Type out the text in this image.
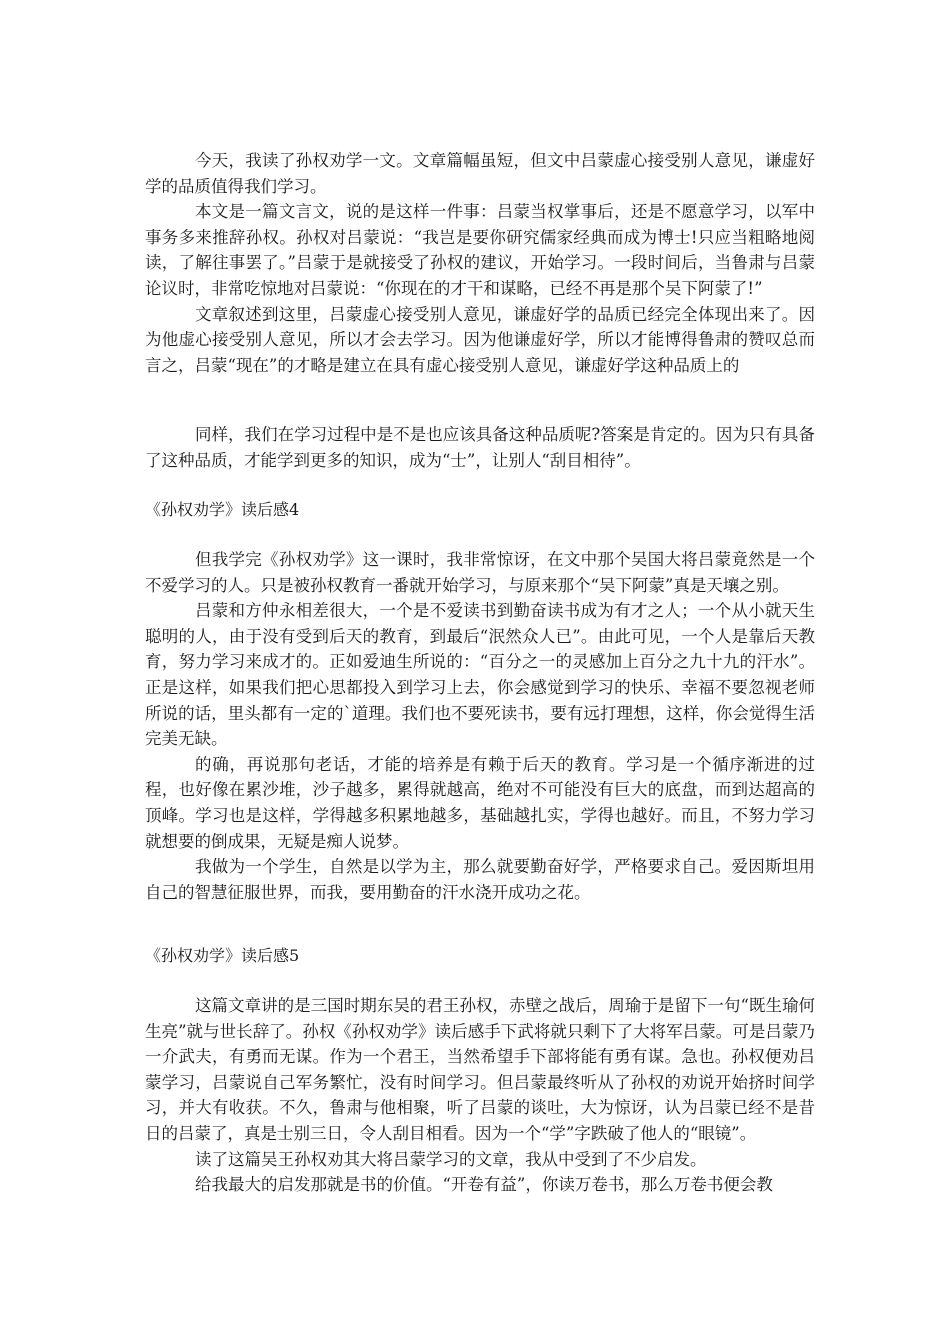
今天，我读了孙权劝学一文。文章篇幅虽短，但文中吕蒙虚心接受别人意见，谦虚好学的品质值得我们学习。

本文是一篇文言文，说的是这样一件事：吕蒙当权掌事后，还是不愿意学习，以军中事务多来推辞孙权。孙权对吕蒙说：“我岂是要你研究儒家经典而成为博士!只应当粗略地阅读，了解往事罢了。”吕蒙于是就接受了孙权的建议，开始学习。一段时间后，当鲁肃与吕蒙论议时，非常吃惊地对吕蒙说：“你现在的才干和谋略，已经不再是那个吴下阿蒙了!”

文章叙述到这里，吕蒙虚心接受别人意见，谦虚好学的品质已经完全体现出来了。因为他虚心接受别人意见，所以才会去学习。因为他谦虚好学，所以才能博得鲁肃的赞叹总而言之，吕蒙“现在”的才略是建立在具有虚心接受别人意见，谦虚好学这种品质上的

同样，我们在学习过程中是不是也应该具备这种品质呢?答案是肯定的。因为只有具备了这种品质，才能学到更多的知识，成为“士”，让别人“刮目相待”。

《孙权劝学》读后感4

但我学完《孙权劝学》这一课时，我非常惊讶，在文中那个吴国大将吕蒙竟然是一个不爱学习的人。只是被孙权教育一番就开始学习，与原来那个“吴下阿蒙”真是天壤之别。

吕蒙和方仲永相差很大，一个是不爱读书到勤奋读书成为有才之人；一个从小就天生聪明的人，由于没有受到后天的教育，到最后“泯然众人已”。由此可见，一个人是靠后天教育，努力学习来成才的。正如爱迪生所说的：“百分之一的灵感加上百分之九十九的汗水”。正是这样，如果我们把心思都投入到学习上去，你会感觉到学习的快乐、幸福不要忽视老师所说的话，里头都有一定的`道理。我们也不要死读书，要有远打理想，这样，你会觉得生活完美无缺。

的确，再说那句老话，才能的培养是有赖于后天的教育。学习是一个循序渐进的过程，也好像在累沙堆，沙子越多，累得就越高，绝对不可能没有巨大的底盘，而到达超高的顶峰。学习也是这样，学得越多积累地越多，基础越扎实，学得也越好。而且，不努力学习就想要的倒成果，无疑是痴人说梦。

我做为一个学生，自然是以学为主，那么就要勤奋好学，严格要求自己。爱因斯坦用自己的智慧征服世界，而我，要用勤奋的汗水浇开成功之花。

《孙权劝学》读后感5

这篇文章讲的是三国时期东吴的君王孙权，赤壁之战后，周瑜于是留下一句“既生瑜何生亮”就与世长辞了。孙权《孙权劝学》读后感手下武将就只剩下了大将军吕蒙。可是吕蒙乃一介武夫，有勇而无谋。作为一个君王，当然希望手下部将能有勇有谋。急也。孙权便劝吕蒙学习，吕蒙说自己军务繁忙，没有时间学习。但吕蒙最终听从了孙权的劝说开始挤时间学习，并大有收获。不久，鲁肃与他相聚，听了吕蒙的谈吐，大为惊讶，认为吕蒙已经不是昔日的吕蒙了，真是士别三日，令人刮目相看。因为一个“学”字跌破了他人的“眼镜”。

读了这篇吴王孙权劝其大将吕蒙学习的文章，我从中受到了不少启发。

给我最大的启发那就是书的价值。“开卷有益”，你读万卷书，那么万卷书便会教
